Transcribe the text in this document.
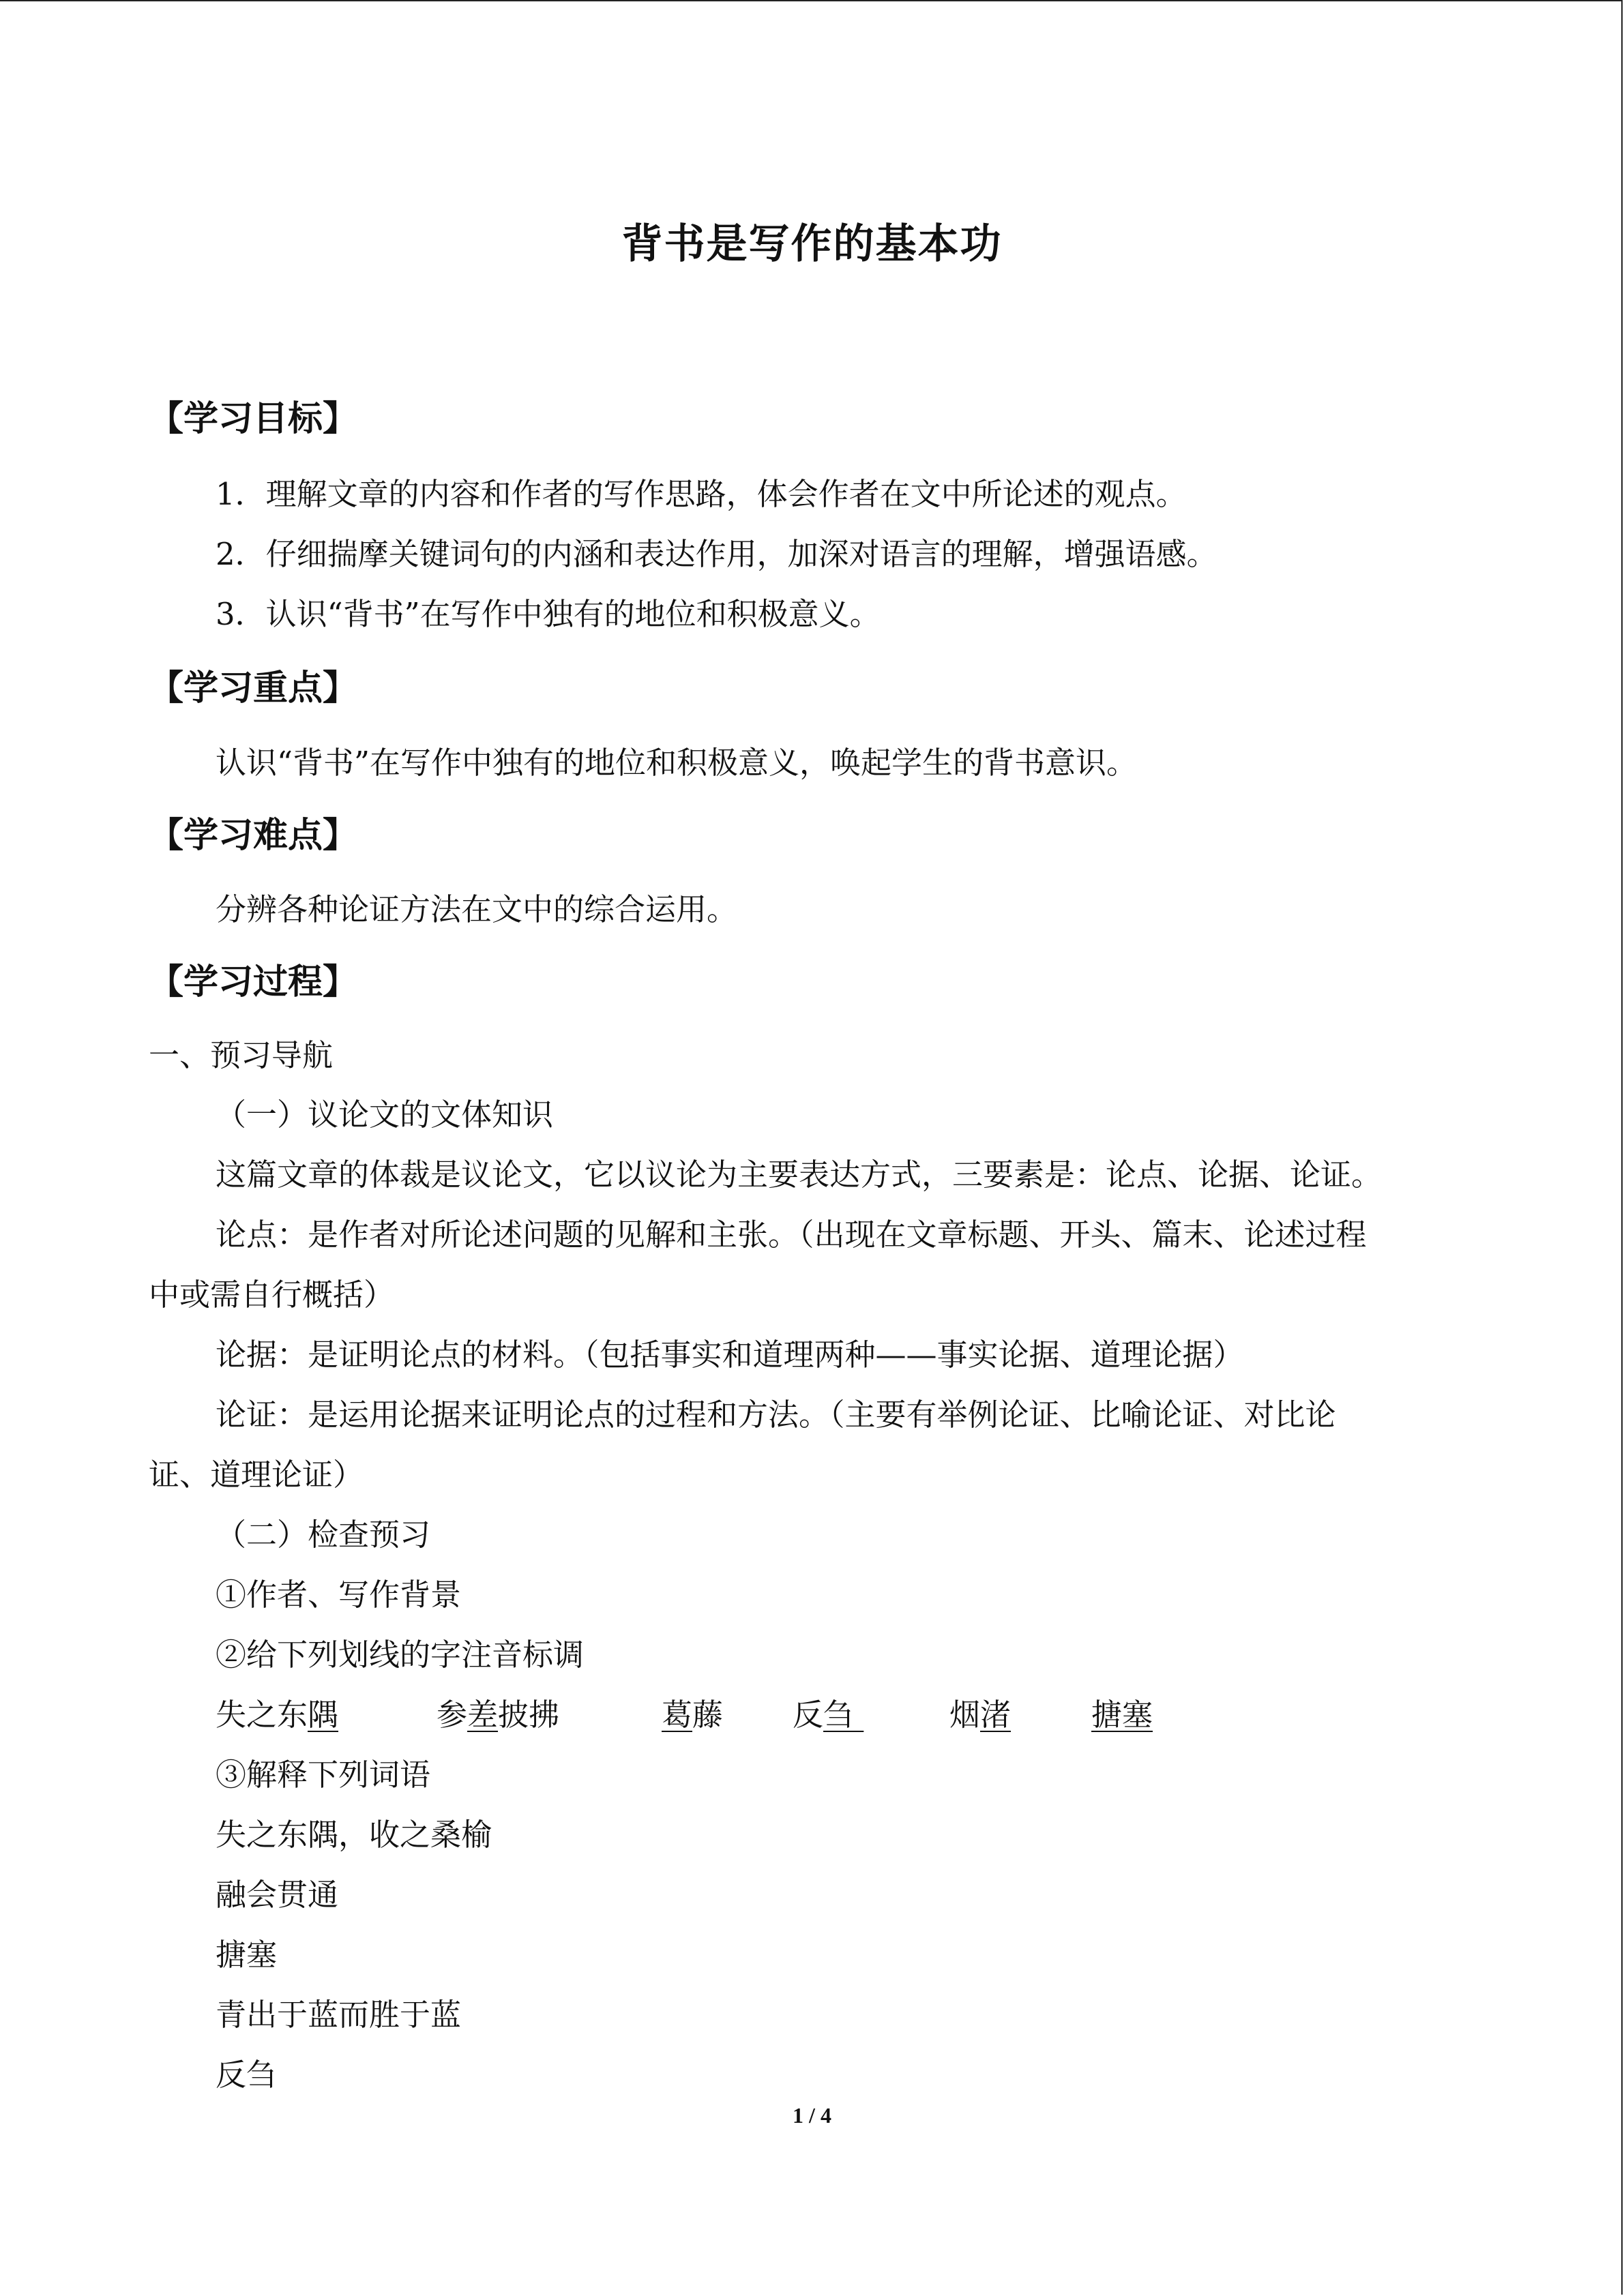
背书是写作的基本功
【学习目标】
1．理解文章的内容和作者的写作思路，体会作者在文中所论述的观点。
2．仔细揣摩关键词句的内涵和表达作用，加深对语言的理解，增强语感。
3．认识“背书”在写作中独有的地位和积极意义。
【学习重点】
认识“背书”在写作中独有的地位和积极意义，唤起学生的背书意识。
【学习难点】
分辨各种论证方法在文中的综合运用。
【学习过程】
一、预习导航
（一）议论文的文体知识
这篇文章的体裁是议论文，它以议论为主要表达方式，三要素是：论点、论据、论证。
论点：是作者对所论述问题的见解和主张。（出现在文章标题、开头、篇末、论述过程
中或需自行概括）
论据：是证明论点的材料。（包括事实和道理两种——事实论据、道理论据）
论证：是运用论据来证明论点的过程和方法。（主要有举例论证、比喻论证、对比论
证、道理论证）
（二）检查预习
①作者、写作背景
②给下列划线的字注音标调
失之东隅	参差披拂	葛藤 反刍	烟渚	搪塞
③解释下列词语
失之东隅，收之桑榆
融会贯通
搪塞
青出于蓝而胜于蓝
反刍
1 / 4
